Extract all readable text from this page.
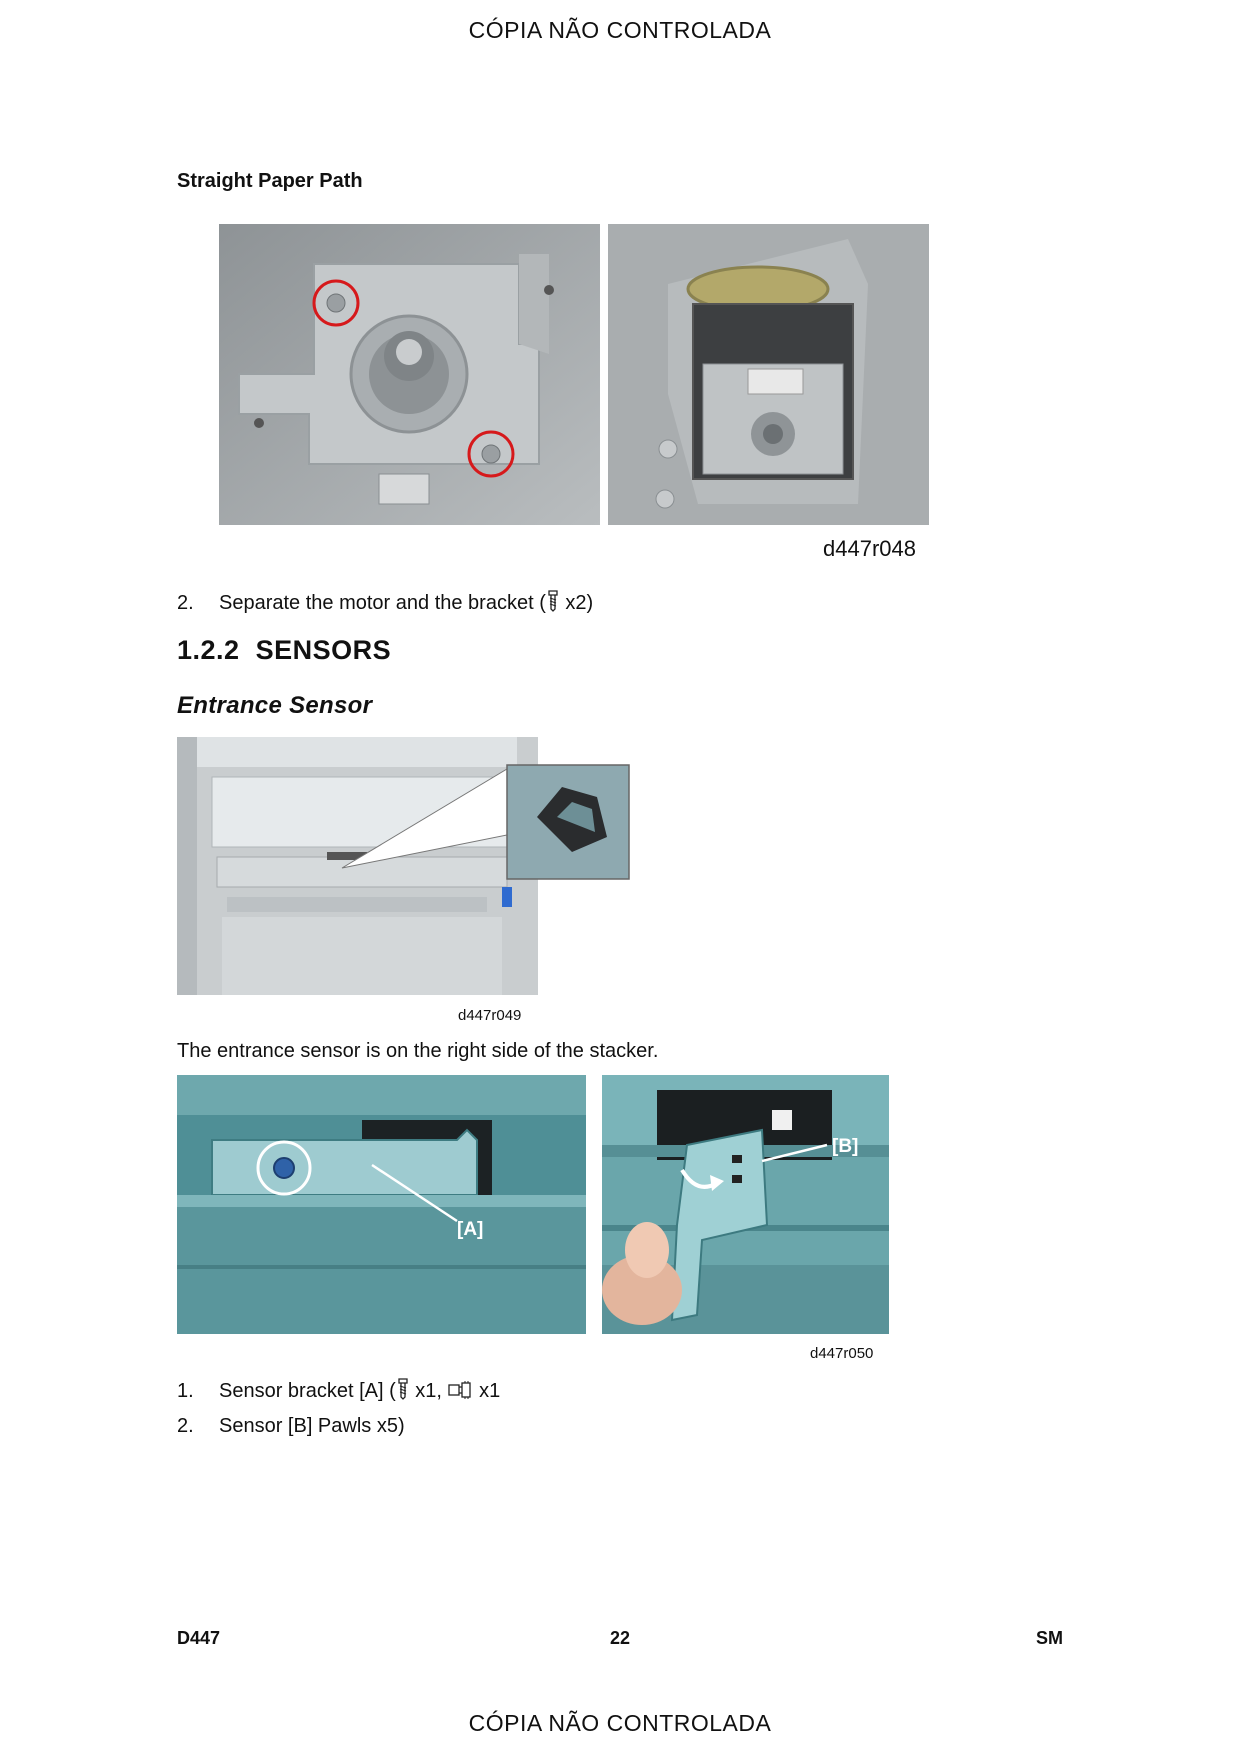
CÓPIA NÃO CONTROLADA
Straight Paper Path
d447r048
2. Separate the motor and the bracket ( x2)
1.2.2 SENSORS
Entrance Sensor
d447r049
The entrance sensor is on the right side of the stacker.
[A]
[B]
d447r050
1. Sensor bracket [A] ( x1,  x1
2. Sensor [B] Pawls x5)
D447	22	SM
CÓPIA NÃO CONTROLADA
